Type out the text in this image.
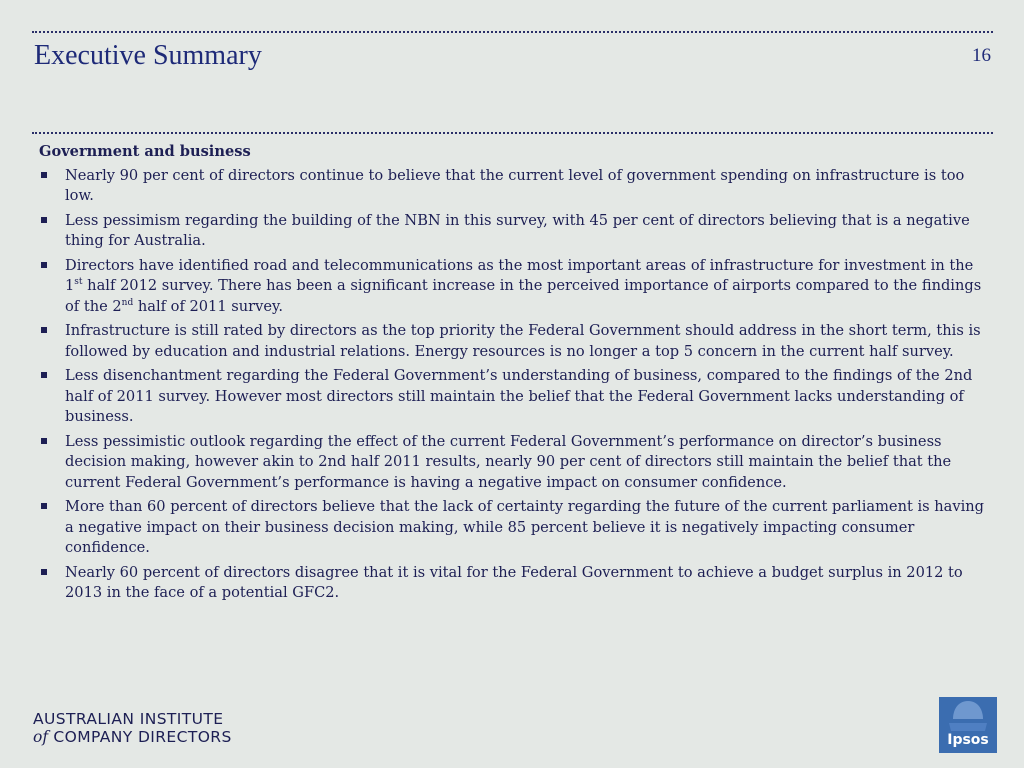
Executive Summary	16
Government and business
Nearly 90 per cent of directors continue to believe that the current level of government spending on infrastructure is too low.
Less pessimism regarding the building of the NBN in this survey, with 45 per cent of directors believing that is a negative thing for Australia.
Directors have identified road and telecommunications as the most important areas of infrastructure for investment in the 1st half 2012 survey. There has been a significant increase in the perceived importance of airports compared to the findings of the 2nd half of 2011 survey.
Infrastructure is still rated by directors as the top priority the Federal Government should address in the short term, this is followed by education and industrial relations. Energy resources is no longer a top 5 concern in the current half survey.
Less disenchantment regarding the Federal Government’s understanding of business, compared to the findings of the 2nd half of 2011 survey. However most directors still maintain the belief that the Federal Government lacks understanding of business.
Less pessimistic outlook regarding the effect of the current Federal Government’s performance on director’s business decision making, however akin to 2nd half 2011 results, nearly 90 per cent of directors still maintain the belief that the current Federal Government’s performance is having a negative impact on consumer confidence.
More than 60 percent of directors believe that the lack of certainty regarding the future of the current parliament is having a negative impact on their business decision making, while 85 percent believe it is negatively impacting consumer confidence.
Nearly 60 percent of directors disagree that it is vital for the Federal Government to achieve a budget surplus in 2012 to 2013 in the face of a potential GFC2.
AUSTRALIAN INSTITUTE
of COMPANY DIRECTORS	Ipsos
